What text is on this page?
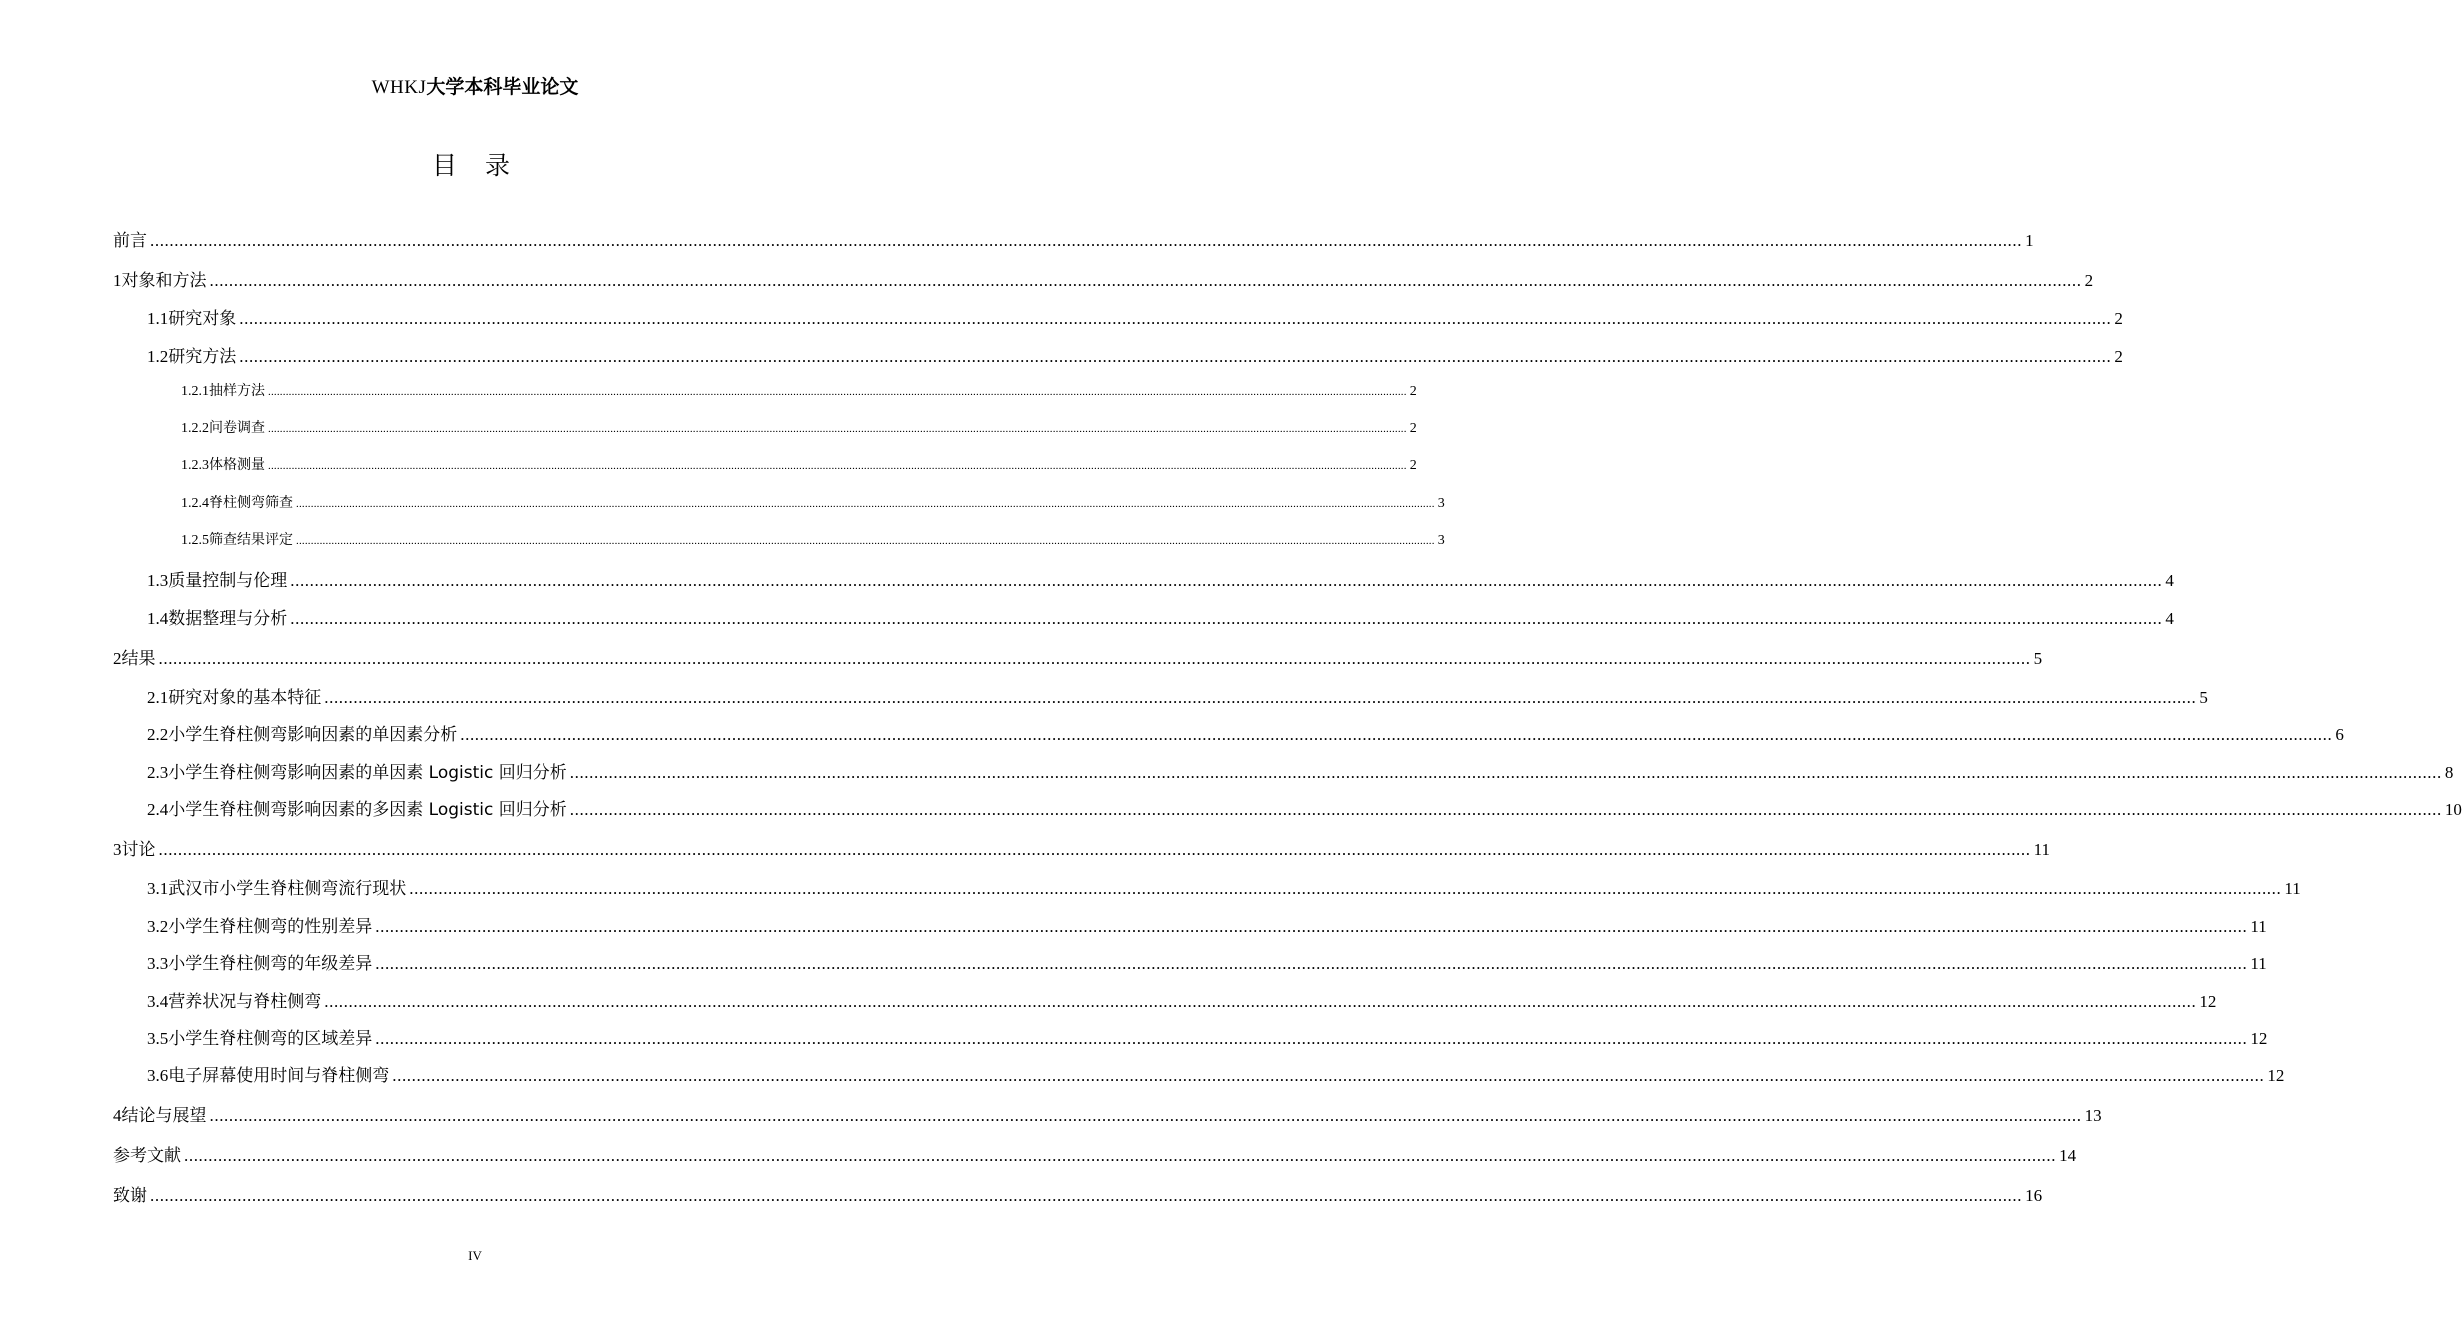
WHKJ大学本科毕业论文
目录
前言 .................................................................................................................................................................................................................................................................................................................................................................................................. 1
1 对象和方法 .................................................................................................................................................................................................................................................................................................................................................................................................. 2
1.1 研究对象 .................................................................................................................................................................................................................................................................................................................................................................................................. 2
1.2 研究方法 .................................................................................................................................................................................................................................................................................................................................................................................................. 2
1.2.1 抽样方法 .................................................................................................................................................................................................................................................................................................................................................................................................. 2
1.2.2 问卷调查 .................................................................................................................................................................................................................................................................................................................................................................................................. 2
1.2.3 体格测量 .................................................................................................................................................................................................................................................................................................................................................................................................. 2
1.2.4 脊柱侧弯筛查 .................................................................................................................................................................................................................................................................................................................................................................................................. 3
1.2.5 筛查结果评定 .................................................................................................................................................................................................................................................................................................................................................................................................. 3
1.3 质量控制与伦理 .................................................................................................................................................................................................................................................................................................................................................................................................. 4
1.4 数据整理与分析 .................................................................................................................................................................................................................................................................................................................................................................................................. 4
2 结果 .................................................................................................................................................................................................................................................................................................................................................................................................. 5
2.1 研究对象的基本特征 .................................................................................................................................................................................................................................................................................................................................................................................................. 5
2.2 小学生脊柱侧弯影响因素的单因素分析 .................................................................................................................................................................................................................................................................................................................................................................................................. 6
2.3 小学生脊柱侧弯影响因素的单因素 Logistic 回归分析 .................................................................................................................................................................................................................................................................................................................................................................................................. 8
2.4 小学生脊柱侧弯影响因素的多因素 Logistic 回归分析 .................................................................................................................................................................................................................................................................................................................................................................................................. 10
3 讨论 .................................................................................................................................................................................................................................................................................................................................................................................................. 11
3.1 武汉市小学生脊柱侧弯流行现状 .................................................................................................................................................................................................................................................................................................................................................................................................. 11
3.2 小学生脊柱侧弯的性别差异 .................................................................................................................................................................................................................................................................................................................................................................................................. 11
3.3 小学生脊柱侧弯的年级差异 .................................................................................................................................................................................................................................................................................................................................................................................................. 11
3.4 营养状况与脊柱侧弯 .................................................................................................................................................................................................................................................................................................................................................................................................. 12
3.5 小学生脊柱侧弯的区域差异 .................................................................................................................................................................................................................................................................................................................................................................................................. 12
3.6 电子屏幕使用时间与脊柱侧弯 .................................................................................................................................................................................................................................................................................................................................................................................................. 12
4 结论与展望 .................................................................................................................................................................................................................................................................................................................................................................................................. 13
参考文献 .................................................................................................................................................................................................................................................................................................................................................................................................. 14
致谢 .................................................................................................................................................................................................................................................................................................................................................................................................. 16
IV
